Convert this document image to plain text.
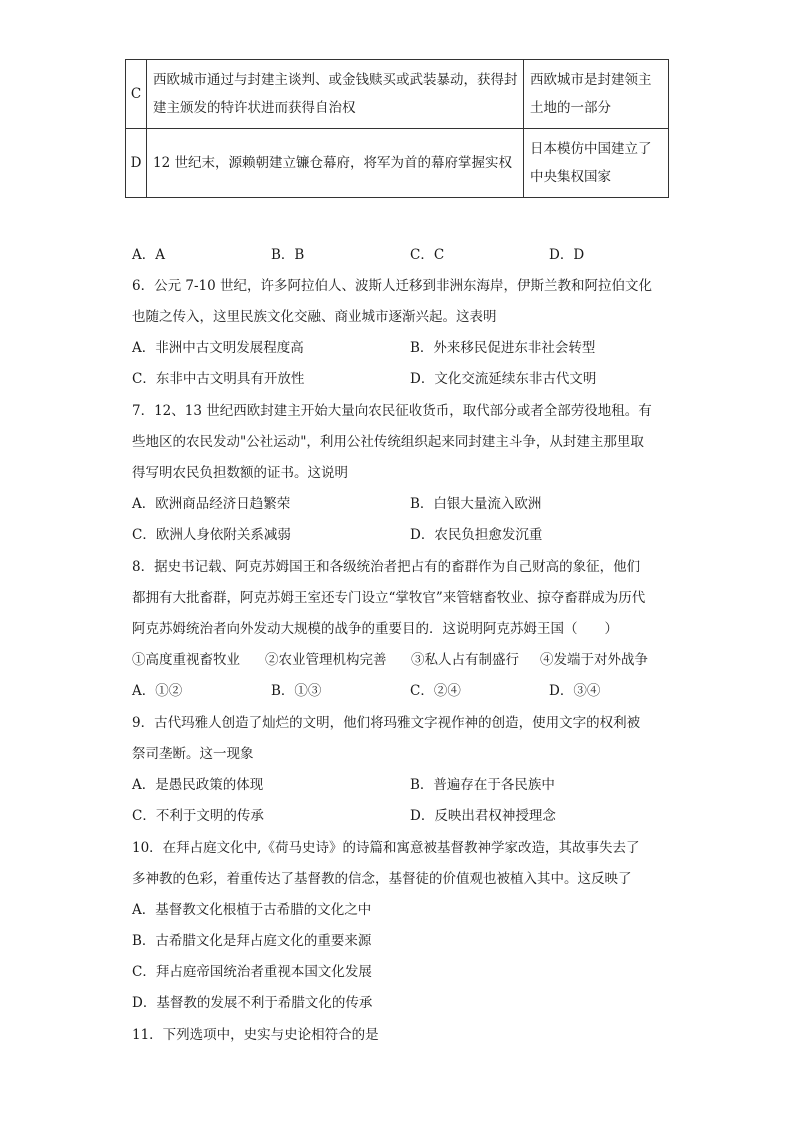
C	西欧城市通过与封建主谈判、或金钱赎买或武装暴动，获得封建主颁发的特许状进而获得自治权	西欧城市是封建领主土地的一部分
D	12 世纪末，源赖朝建立镰仓幕府，将军为首的幕府掌握实权	日本模仿中国建立了中央集权国家
A．A	B．B	C．C	D．D
6．公元 7-10 世纪，许多阿拉伯人、波斯人迁移到非洲东海岸，伊斯兰教和阿拉伯文化
也随之传入，这里民族文化交融、商业城市逐渐兴起。这表明
A．非洲中古文明发展程度高	B．外来移民促进东非社会转型
C．东非中古文明具有开放性	D．文化交流延续东非古代文明
7．12、13 世纪西欧封建主开始大量向农民征收货币，取代部分或者全部劳役地租。有
些地区的农民发动"公社运动"，利用公社传统组织起来同封建主斗争，从封建主那里取
得写明农民负担数额的证书。这说明
A．欧洲商品经济日趋繁荣	B．白银大量流入欧洲
C．欧洲人身依附关系减弱	D．农民负担愈发沉重
8．据史书记载、阿克苏姆国王和各级统治者把占有的畜群作为自己财高的象征，他们
都拥有大批畜群，阿克苏姆王室还专门设立“掌牧官”来管辖畜牧业、掠夺畜群成为历代
阿克苏姆统治者向外发动大规模的战争的重要目的．这说明阿克苏姆王国（　　）
①高度重视畜牧业 ②农业管理机构完善 ③私人占有制盛行 ④发端于对外战争
A．①②	B．①③	C．②④	D．③④
9．古代玛雅人创造了灿烂的文明，他们将玛雅文字视作神的创造，使用文字的权利被
祭司垄断。这一现象
A．是愚民政策的体现	B．普遍存在于各民族中
C．不利于文明的传承	D．反映出君权神授理念
10．在拜占庭文化中,《荷马史诗》的诗篇和寓意被基督教神学家改造，其故事失去了
多神教的色彩，着重传达了基督教的信念，基督徒的价值观也被植入其中。这反映了
A．基督教文化根植于古希腊的文化之中
B．古希腊文化是拜占庭文化的重要来源
C．拜占庭帝国统治者重视本国文化发展
D．基督教的发展不利于希腊文化的传承
11．下列选项中，史实与史论相符合的是
